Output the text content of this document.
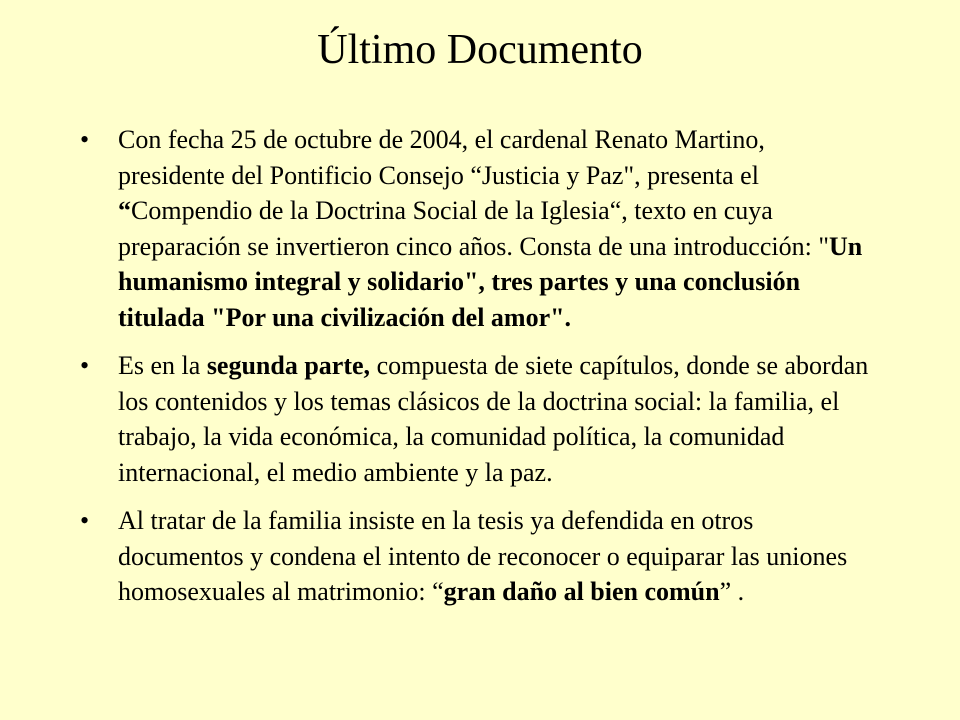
Último Documento
• Con fecha 25 de octubre de 2004, el cardenal Renato Martino, presidente del Pontificio Consejo “Justicia y Paz", presenta el “Compendio de la Doctrina Social de la Iglesia“, texto en cuya preparación se invertieron cinco años. Consta de una introducción: "Un humanismo integral y solidario", tres partes y una conclusión titulada "Por una civilización del amor".
• Es en la segunda parte, compuesta de siete capítulos, donde se abordan los contenidos y los temas clásicos de la doctrina social: la familia, el trabajo, la vida económica, la comunidad política, la comunidad internacional, el medio ambiente y la paz.
• Al tratar de la familia insiste en la tesis ya defendida en otros documentos y condena el intento de reconocer o equiparar las uniones homosexuales al matrimonio: “gran daño al bien común” .
